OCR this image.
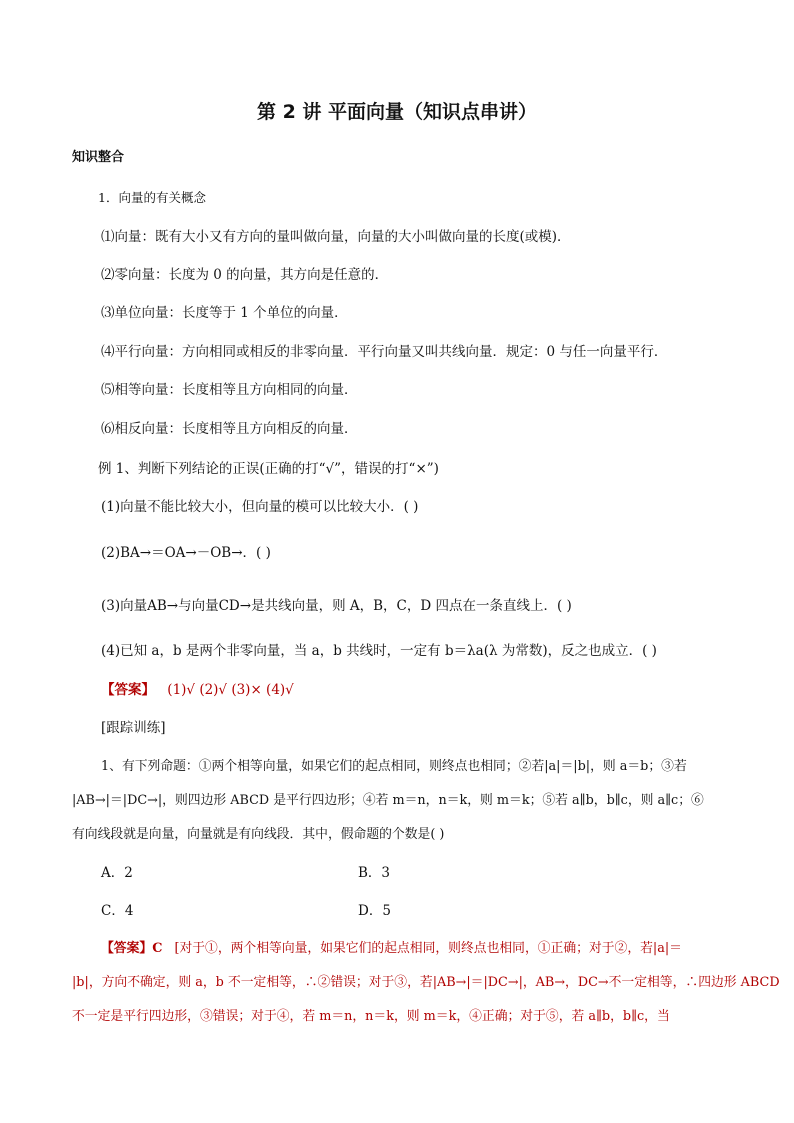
第 2 讲 平面向量（知识点串讲）
知识整合
1．向量的有关概念
⑴向量：既有大小又有方向的量叫做向量，向量的大小叫做向量的长度(或模)．
⑵零向量：长度为 0 的向量，其方向是任意的．
⑶单位向量：长度等于 1 个单位的向量．
⑷平行向量：方向相同或相反的非零向量．平行向量又叫共线向量．规定：0 与任一向量平行．
⑸相等向量：长度相等且方向相同的向量．
⑹相反向量：长度相等且方向相反的向量．
例 1、判断下列结论的正误(正确的打“√”，错误的打“×”)
(1)向量不能比较大小，但向量的模可以比较大小．( )
(2)BA→＝OA→－OB→．( )
(3)向量AB→与向量CD→是共线向量，则 A，B，C，D 四点在一条直线上．( )
(4)已知 a，b 是两个非零向量，当 a，b 共线时，一定有 b＝λa(λ 为常数)，反之也成立．( )
【答案】 (1)√ (2)√ (3)× (4)√
[跟踪训练]
1、有下列命题：①两个相等向量，如果它们的起点相同，则终点也相同；②若|a|＝|b|，则 a＝b；③若
|AB→|＝|DC→|，则四边形 ABCD 是平行四边形；④若 m＝n，n＝k，则 m＝k；⑤若 a∥b，b∥c，则 a∥c；⑥
有向线段就是向量，向量就是有向线段．其中，假命题的个数是( )
A．2	B．3
C．4	D．5
【答案】C [对于①，两个相等向量，如果它们的起点相同，则终点也相同，①正确；对于②，若|a|＝
|b|，方向不确定，则 a，b 不一定相等，∴②错误；对于③，若|AB→|＝|DC→|，AB→，DC→不一定相等，∴四边形 ABCD
不一定是平行四边形，③错误；对于④，若 m＝n，n＝k，则 m＝k，④正确；对于⑤，若 a∥b，b∥c，当
